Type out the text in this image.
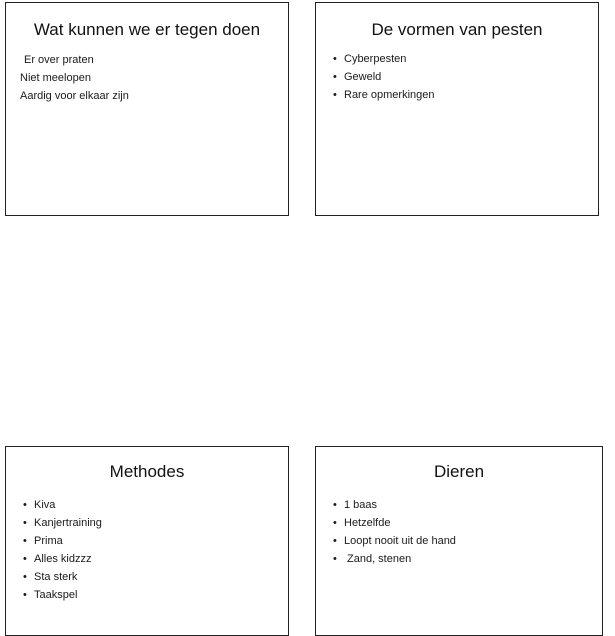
Wat kunnen we er tegen doen
Er over praten
Niet meelopen
Aardig voor elkaar zijn
De vormen van pesten
• Cyberpesten
• Geweld
• Rare opmerkingen
Methodes
• Kiva
• Kanjertraining
• Prima
• Alles kidzzz
• Sta sterk
• Taakspel
Dieren
• 1 baas
• Hetzelfde
• Loopt nooit uit de hand
• Zand, stenen
